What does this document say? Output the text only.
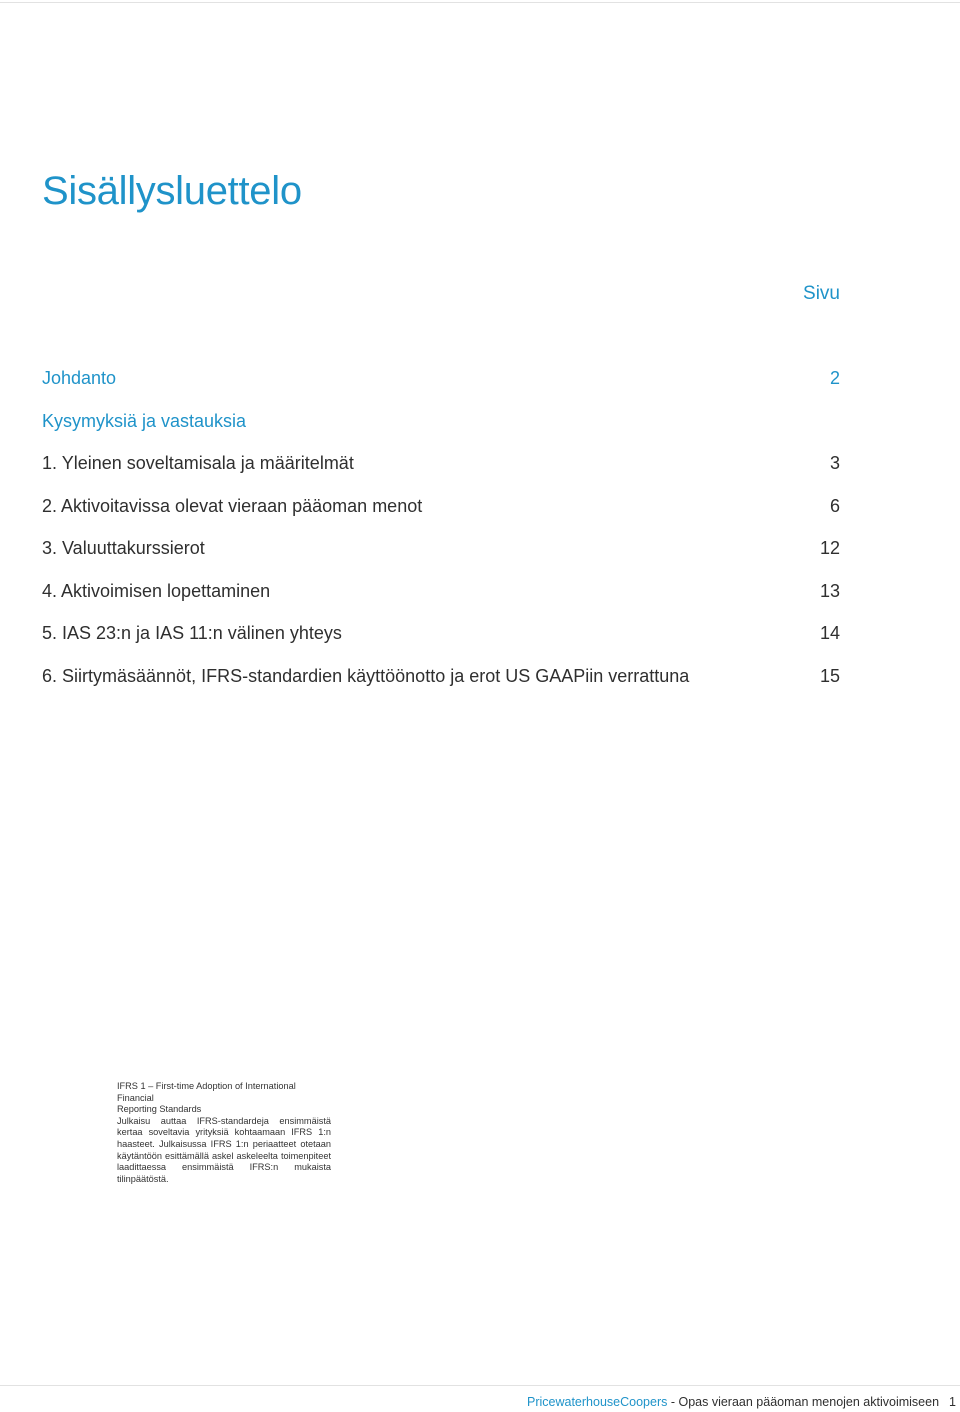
Sisällysluettelo
Sivu
Johdanto	2
Kysymyksiä ja vastauksia
1. Yleinen soveltamisala ja määritelmät	3
2. Aktivoitavissa olevat vieraan pääoman menot	6
3. Valuuttakurssierot	12
4. Aktivoimisen lopettaminen	13
5. IAS 23:n ja IAS 11:n välinen yhteys	14
6. Siirtymäsäännöt, IFRS-standardien käyttöönotto ja erot US GAAPiin verrattuna	15

IFRS 1 – First-time Adoption of International Financial

Reporting Standards

Julkaisu auttaa IFRS-standardeja ensimmäistä kertaa soveltavia yrityksiä kohtaamaan IFRS 1:n haasteet. Julkaisussa IFRS 1:n periaatteet otetaan käytäntöön esittämällä askel askeleelta toimenpiteet laadittaessa ensimmäistä IFRS:n mukaista tilinpäätöstä.

PricewaterhouseCoopers - Opas vieraan pääoman menojen aktivoimiseen 1
